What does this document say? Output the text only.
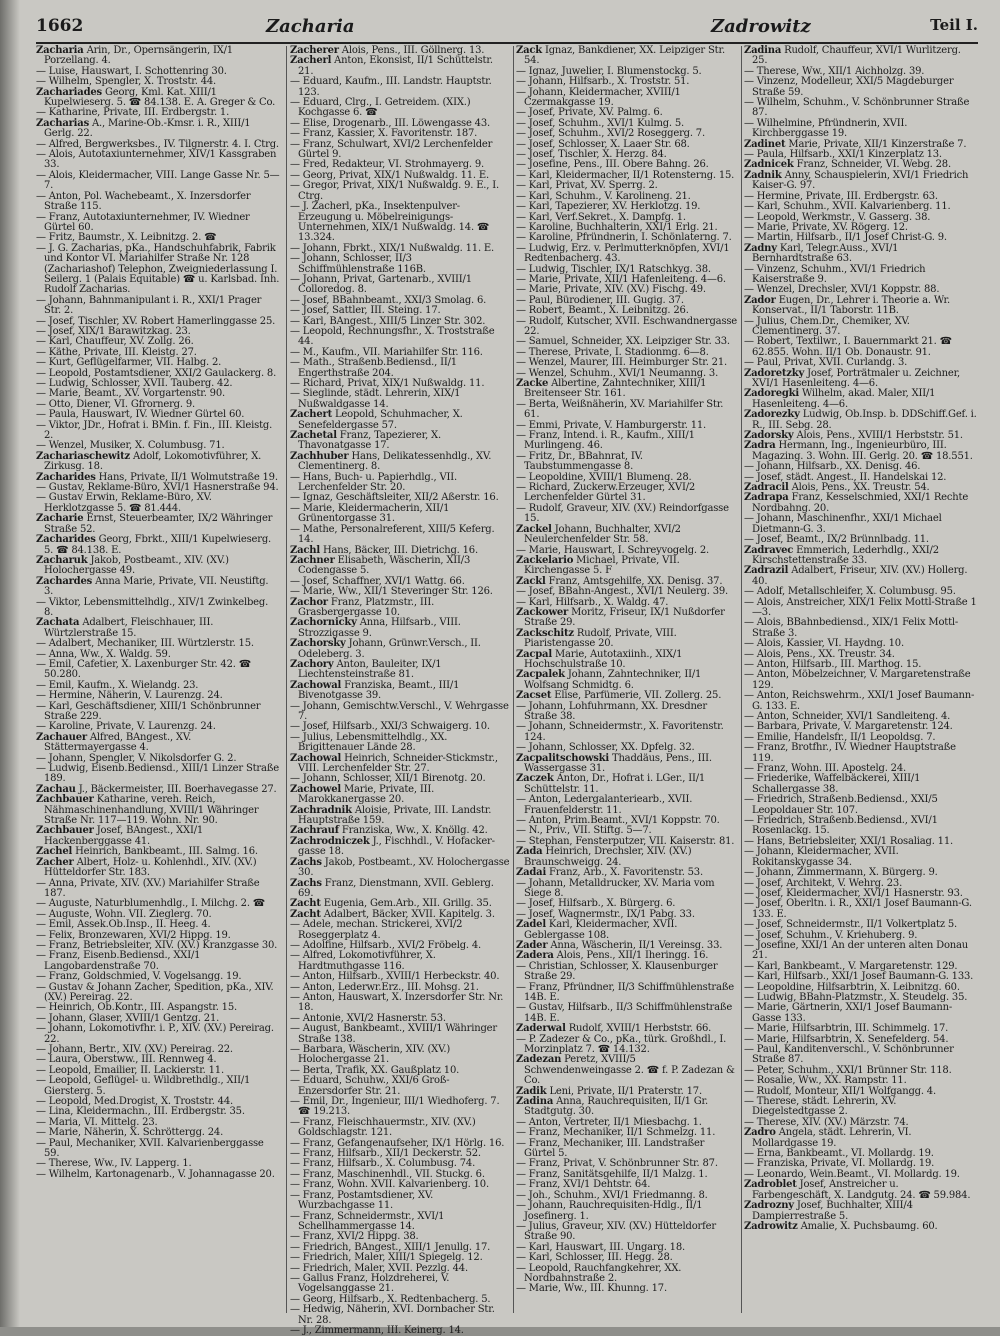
1662	Zacharia	Zadrowitz	Teil I.

Zacharia Arin, Dr., Opernsängerin, IX/1 Porzellang. 4.

— Luise, Hauswart, I. Schottenring 30.

— Wilhelm, Spengler, X. Troststr. 44.

Zachariades Georg, Kml. Kat. XIII/1 Kupelwieserg. 5. ☎ 84.138. E. A. Greger & Co.

— Katharine, Private, III. Erdbergstr. 1.

Zacharias A., Marine-Ob.-Kmsr. i. R., XIII/1 Gerlg. 22.

— Alfred, Bergwerksbes., IV. Tilgnerstr. 4. I. Ctrg.

— Alois, Autotaxiunternehmer, XIV/1 Kassgraben 33.

— Alois, Kleidermacher, VIII. Lange Gasse Nr. 5—7.

— Anton, Pol. Wachebeamt., X. Inzersdorfer Straße 115.

— Franz, Autotaxiunternehmer, IV. Wiedner Gürtel 60.

— Fritz, Baumstr., X. Leibnitzg. 2. ☎

— J. G. Zacharias, pKa., Handschuhfabrik, Fabrik und Kontor VI. Mariahilfer Straße Nr. 128 (Zachariashof) Telephon, Zweigniederlassung I. Seilerg. 1 (Palais Equitable) ☎ u. Karlsbad. Inh. Rudolf Zacharias.

— Johann, Bahnmanipulant i. R., XXI/1 Prager Str. 2.

— Josef, Tischler, XV. Robert Hamerlinggasse 25.

— Josef, XIX/1 Barawitzkag. 23.

— Karl, Chauffeur, XV. Zollg. 26.

— Käthe, Private, III. Kleistg. 27.

— Kurt, Geflügelfarmer, VII. Halbg. 2.

— Leopold, Postamtsdiener, XXI/2 Gaulackerg. 8.

— Ludwig, Schlosser, XVII. Tauberg. 42.

— Marie, Beamt., XV. Vorgartenstr. 90.

— Otto, Diener, VI. Gfrornerg. 9.

— Paula, Hauswart, IV. Wiedner Gürtel 60.

— Viktor, JDr., Hofrat i. BMin. f. Fin., III. Kleistg. 2.

— Wenzel, Musiker, X. Columbusg. 71.

Zachariaschewitz Adolf, Lokomotivführer, X. Zirkusg. 18.

Zacharides Hans, Private, II/1 Wolmutstraße 19.

— Gustav, Reklame-Büro, XVI/1 Hasnerstraße 94.

— Gustav Erwin, Reklame-Büro, XV. Herklotzgasse 5. ☎ 81.444.

Zacharie Ernst, Steuerbeamter, IX/2 Währinger Straße 52.

Zacharides Georg, Fbrkt., XIII/1 Kupelwieserg. 5. ☎ 84.138. E.

Zacharuk Jakob, Postbeamt., XIV. (XV.) Holochergasse 49.

Zachardes Anna Marie, Private, VII. Neustiftg. 3.

— Viktor, Lebensmittelhdlg., XIV/1 Zwinkelbeg. 8.

Zachata Adalbert, Fleischhauer, III. Würtzlerstraße 15.

— Adalbert, Mechaniker, III. Würtzlerstr. 15.

— Anna, Ww., X. Waldg. 59.

— Emil, Cafetier, X. Laxenburger Str. 42. ☎ 50.280.

— Emil, Kaufm., X. Wielandg. 23.

— Hermine, Näherin, V. Laurenzg. 24.

— Karl, Geschäftsdiener, XIII/1 Schönbrunner Straße 229.

— Karoline, Private, V. Laurenzg. 24.

Zachauer Alfred, BAngest., XV. Stättermayergasse 4.

— Johann, Spengler, V. Nikolsdorfer G. 2.

— Ludwig, Eisenb.Bediensd., XIII/1 Linzer Straße 189.

Zachau J., Bäckermeister, III. Boerhavegasse 27.

Zachbauer Katharine, vereh. Reich, Nähmaschinenhandlung, XVIII/1 Währinger Straße Nr. 117—119. Wohn. Nr. 90.

Zachbauer Josef, BAngest., XXI/1 Hackenberggasse 41.

Zachel Heinrich, Bankbeamt., III. Salmg. 16.

Zacher Albert, Holz- u. Kohlenhdl., XIV. (XV.) Hütteldorfer Str. 183.

— Anna, Private, XIV. (XV.) Mariahilfer Straße 187.

— Auguste, Naturblumenhdlg., I. Milchg. 2. ☎

— Auguste, Wohn. VII. Zieglerg. 70.

— Emil, Assek.Ob.Insp., II. Heeg. 4.

— Felix, Bronzewaren, XVI/2 Hippg. 19.

— Franz, Betriebsleiter, XIV. (XV.) Kranzgasse 30.

— Franz, Eisenb.Bediensd., XXI/1 Langobardenstraße 70.

— Franz, Goldschmied, V. Vogelsangg. 19.

— Gustav & Johann Zacher, Spedition, pKa., XIV. (XV.) Pereirag. 22.

— Heinrich, Ob.Kontr., III. Aspangstr. 15.

— Johann, Glaser, XVIII/1 Gentzg. 21.

— Johann, Lokomotivfhr. i. P., XIV. (XV.) Pereirag. 22.

— Johann, Bertr., XIV. (XV.) Pereirag. 22.

— Laura, Oberstww., III. Rennweg 4.

— Leopold, Emailier, II. Lackierstr. 11.

— Leopold, Geflügel- u. Wildbrethdlg., XII/1 Giersterg. 5.

— Leopold, Med.Drogist, X. Troststr. 44.

— Lina, Kleidermachn., III. Erdbergstr. 35.

— Maria, VI. Mittelg. 23.

— Marie, Näherin, X. Schröttergg. 24.

— Paul, Mechaniker, XVII. Kalvarienberggasse 59.

— Therese, Ww., IV. Lapperg. 1.

— Wilhelm, Kartonagenarb., V. Johannagasse 20.

Zacherer Alois, Pens., III. Göllnerg. 13.

Zacherl Anton, Ekonsist, II/1 Schüttelstr. 21.

— Eduard, Kaufm., III. Landstr. Hauptstr. 123.

— Eduard, Clrg., I. Getreidem. (XIX.) Kochgasse 6. ☎

— Elise, Drogenarb., III. Löwengasse 43.

— Franz, Kassier, X. Favoritenstr. 187.

— Franz, Schulwart, XVI/2 Lerchenfelder Gürtel 9.

— Fred, Redakteur, VI. Strohmayerg. 9.

— Georg, Privat, XIX/1 Nußwaldg. 11. E.

— Gregor, Privat, XIX/1 Nußwaldg. 9. E., I. Ctrg.

— J. Zacherl, pKa., Insektenpulver-Erzeugung u. Möbelreinigungs-Unternehmen, XIX/1 Nußwaldg. 14. ☎ 13.324.

— Johann, Fbrkt., XIX/1 Nußwaldg. 11. E.

— Johann, Schlosser, II/3 Schiffmühlenstraße 116B.

— Johann, Privat, Gartenarb., XVIII/1 Colloredog. 8.

— Josef, BBahnbeamt., XXI/3 Smolag. 6.

— Josef, Sattler, III. Steing. 17.

— Karl, BAngest., XIII/5 Linzer Str. 302.

— Leopold, Rechnungsfhr., X. Troststraße 44.

— M., Kaufm., VII. Mariahilfer Str. 116.

— Math., Straßenb.Bediensd., II/1 Engerthstraße 204.

— Richard, Privat, XIX/1 Nußwaldg. 11.

— Sieglinde, städt. Lehrerin, XIX/1 Nußwaldgasse 14.

Zachert Leopold, Schuhmacher, X. Senefeldergasse 57.

Zachetal Franz, Tapezierer, X. Thavonatgasse 17.

Zachhuber Hans, Delikatessenhdlg., XV. Clementinerg. 8.

— Hans, Buch- u. Papierhdlg., VII. Lerchenfelder Str. 20.

— Ignaz, Geschäftsleiter, XII/2 Aßerstr. 16.

— Marie, Kleidermacherin, XII/1 Grünentorgasse 31.

— Mathe, Personalreferent, XIII/5 Keferg. 14.

Zachl Hans, Bäcker, III. Dietrichg. 16.

Zachner Elisabeth, Wäscherin, XII/3 Codengasse 5.

— Josef, Schaffner, XVI/1 Wattg. 66.

— Marie, Ww., XII/1 Steveringer Str. 126.

Zachor Franz, Platzmstr., III. Grasbergergasse 10.

Zachornicky Anna, Hilfsarb., VIII. Strozzigasse 9.

Zachorsky Johann, Grünwr.Versch., II. Odeleberg. 3.

Zachory Anton, Bauleiter, IX/1 Liechtensteinstraße 81.

Zachowal Franziska, Beamt., III/1 Bivenotgasse 39.

— Johann, Gemischtw.Verschl., V. Wehrgasse 7.

— Josef, Hilfsarb., XXI/3 Schwaigerg. 10.

— Julius, Lebensmittelhdlg., XX. Brigittenauer Lände 28.

Zachowal Heinrich, Schneider-Stickmstr., VIII. Lerchenfelder Str. 27.

— Johann, Schlosser, XII/1 Birenotg. 20.

Zachowel Marie, Private, III. Marokkanergasse 20.

Zachradnik Aloisie, Private, III. Landstr. Hauptstraße 159.

Zachrauf Franziska, Ww., X. Knöllg. 42.

Zachrodniczek J., Fischhdl., V. Hofacker-gasse 18.

Zachs Jakob, Postbeamt., XV. Holochergasse 30.

Zachs Franz, Dienstmann, XVII. Geblerg. 69.

Zacht Eugenia, Gem.Arb., XII. Grillg. 35.

Zacht Adalbert, Bäcker, XVII. Kapitelg. 3.

— Adele, mechan. Strickerei, XVI/2 Roseggerplatz 4.

— Adolfine, Hilfsarb., XVI/2 Fröbelg. 4.

— Alfred, Lokomotivführer, X. Hardtmuthgasse 116.

— Anton, Hilfsarb., XVIII/1 Herbeckstr. 40.

— Anton, Lederwr.Erz., III. Mohsg. 21.

— Anton, Hauswart, X. Inzersdorfer Str. Nr. 18.

— Antonie, XVI/2 Hasnerstr. 53.

— August, Bankbeamt., XVIII/1 Währinger Straße 138.

— Barbara, Wäscherin, XIV. (XV.) Holochergasse 21.

— Berta, Trafik, XX. Gaußplatz 10.

— Eduard, Schuhw., XXI/6 Groß-Enzersdorfer Str. 21.

— Emil, Dr., Ingenieur, III/1 Wiedhoferg. 7. ☎ 19.213.

— Franz, Fleischhauermstr., XIV. (XV.) Goldschlagstr. 121.

— Franz, Gefangenaufseher, IX/1 Hörlg. 16.

— Franz, Hilfsarb., XII/1 Deckerstr. 52.

— Franz, Hilfsarb., X. Columbusg. 74.

— Franz, Maschinenhdl., VII. Stuckg. 6.

— Franz, Wohn. XVII. Kalvarienberg. 10.

— Franz, Postamtsdiener, XV. Wurzbachgasse 11.

— Franz, Schneidermstr., XVI/1 Schellhammergasse 14.

— Franz, XVI/2 Hippg. 38.

— Friedrich, BAngest., XIII/1 Jenullg. 17.

— Friedrich, Maler, XIII/1 Spiegelg. 12.

— Friedrich, Maler, XVII. Pezzlg. 44.

— Gallus Franz, Holzdreherei, V. Vogelsanggasse 21.

— Georg, Hilfsarb., X. Redtenbacherg. 5.

— Hedwig, Näherin, XVI. Dornbacher Str. Nr. 28.

— J., Zimmermann, III. Keinerg. 14.

Zack Ignaz, Bankdiener, XX. Leipziger Str. 54.

— Ignaz, Juwelier, I. Blumenstockg. 5.

— Johann, Hilfsarb., X. Troststr. 51.

— Johann, Kleidermacher, XVIII/1 Czermakgasse 19.

— Josef, Private, XV. Palmg. 6.

— Josef, Schuhm., XVI/1 Kulmg. 5.

— Josef, Schuhm., XVI/2 Roseggerg. 7.

— Josef, Schlosser, X. Laaer Str. 68.

— Josef, Tischler, X. Herzg. 84.

— Josefine, Pens., III. Obere Bahng. 26.

— Karl, Kleidermacher, II/1 Rotensterng. 15.

— Karl, Privat, XV. Sperrg. 2.

— Karl, Schuhm., V. Karolineng. 21.

— Karl, Tapezierer, XV. Herklotzg. 19.

— Karl, Verf.Sekret., X. Dampfg. 1.

— Karoline, Buchhalterin, XXI/1 Erlg. 21.

— Karoline, Pfründnerin, I. Schönlaterng. 7.

— Ludwig, Erz. v. Perlmutterknöpfen, XVI/1 Redtenbacherg. 43.

— Ludwig, Tischler, IX/1 Ratschkyg. 38.

— Marie, Private, XII/1 Hafenleiteng. 4—6.

— Marie, Private, XIV. (XV.) Fischg. 49.

— Paul, Bürodiener, III. Gugig. 37.

— Robert, Beamt., X. Leibnitzg. 26.

— Rudolf, Kutscher, XVII. Eschwandnergasse 22.

— Samuel, Schneider, XX. Leipziger Str. 33.

— Therese, Private, I. Stadionmg. 6—8.

— Wenzel, Maurer, III. Heimburger Str. 21.

— Wenzel, Schuhm., XVI/1 Neumanng. 3.

Zacke Albertine, Zahntechniker, XIII/1 Breitenseer Str. 161.

— Berta, Weißnäherin, XV. Mariahilfer Str. 61.

— Emmi, Private, V. Hamburgerstr. 11.

— Franz, Intend. i. R., Kaufm., XIII/1 Murlingeng. 46.

— Fritz, Dr., BBahnrat, IV. Taubstummengasse 8.

— Leopoldine, XVIII/1 Blumeng. 28.

— Richard, Zuckerw.Erzeuger, XVI/2 Lerchenfelder Gürtel 31.

— Rudolf, Graveur, XIV. (XV.) Reindorfgasse 15.

Zackel Johann, Buchhalter, XVI/2 Neulerchenfelder Str. 58.

— Marie, Hauswart, I. Schreyvogelg. 2.

Zackelario Michael, Private, VII. Kirchengasse 5. F

Zackl Franz, Amtsgehilfe, XX. Denisg. 37.

— Josef, BBahn-Angest., XVI/1 Neulerg. 39.

— Karl, Hilfsarb., X. Waldg. 47.

Zackower Moritz, Friseur, IX/1 Nußdorfer Straße 29.

Zackschitz Rudolf, Private, VIII. Piaristengasse 20.

Zacpal Marie, Autotaxiinh., XIX/1 Hochschulstraße 10.

Zacpalek Johann, Zahntechniker, II/1 Wolfsang Schmidtg. 6.

Zacset Elise, Parfümerie, VII. Zollerg. 25.

— Johann, Lohfuhrmann, XX. Dresdner Straße 38.

— Johann, Schneidermstr., X. Favoritenstr. 124.

— Johann, Schlosser, XX. Dpfelg. 32.

Zacpalitschowski Thaddäus, Pens., III. Wassergasse 31.

Zaczek Anton, Dr., Hofrat i. LGer., II/1 Schüttelstr. 11.

— Anton, Ledergalanteriearb., XVII. Frauenfelderstr. 11.

— Anton, Prim.Beamt., XVI/1 Koppstr. 70.

— N., Priv., VII. Stiftg. 5—7.

— Stephan, Fensterputzer, VII. Kaiserstr. 81.

Zada Heinrich, Drechsler, XIV. (XV.) Braunschweigg. 24.

Zadai Franz, Arb., X. Favoritenstr. 53.

— Johann, Metalldrucker, XV. Maria vom Siege 8.

— Josef, Hilfsarb., X. Bürgerg. 6.

— Josef, Wagnermstr., IX/1 Pabg. 33.

Zadel Karl, Kleidermacher, XVII. Geblergasse 108.

Zader Anna, Wäscherin, II/1 Vereinsg. 33.

Zadera Alois, Pens., XII/1 Iheringg. 16.

— Christian, Schlosser, X. Klausenburger Straße 29.

— Franz, Pfründner, II/3 Schiffmühlenstraße 14B. E.

— Gustav, Hilfsarb., II/3 Schiffmühlenstraße 14B. E.

Zaderwal Rudolf, XVIII/1 Herbststr. 66.

— P. Zadezer & Co., pKa., türk. Großhdl., I. Morzinplatz 7. ☎ 14.132.

Zadezan Peretz, XVIII/5 Schwendenweingasse 2. ☎ f. P. Zadezan & Co.

Zadik Leni, Private, II/1 Praterstr. 17.

Zadina Anna, Rauchrequisiten, II/1 Gr. Stadtgutg. 30.

— Anton, Vertreter, II/1 Miesbachg. 1.

— Franz, Mechaniker, II/1 Schmelzg. 11.

— Franz, Mechaniker, III. Landstraßer Gürtel 5.

— Franz, Privat, V. Schönbrunner Str. 87.

— Franz, Sanitätsgehilfe, II/1 Malzg. 1.

— Franz, XVI/1 Dehtstr. 64.

— Joh., Schuhm., XVI/1 Friedmanng. 8.

— Johann, Rauchrequisiten-Hdlg., II/1 Josefinerg. 1.

— Julius, Graveur, XIV. (XV.) Hütteldorfer Straße 90.

— Karl, Hauswart, III. Ungarg. 18.

— Karl, Schlosser, III. Hegg. 28.

— Leopold, Rauchfangkehrer, XX. Nordbahnstraße 2.

— Marie, Ww., III. Khunng. 17.

Zadina Rudolf, Chauffeur, XVI/1 Wurlitzerg. 25.

— Therese, Ww., XII/1 Aichholzg. 39.

— Vinzenz, Modelleur, XXI/5 Magdeburger Straße 59.

— Wilhelm, Schuhm., V. Schönbrunner Straße 87.

— Wilhelmine, Pfründnerin, XVII. Kirchberggasse 19.

Zadinet Marie, Private, XII/1 Kinzerstraße 7.

— Paula, Hilfsarb., XXI/1 Kinzerplatz 13.

Zadnicek Franz, Schneider, VI. Webg. 28.

Zadnik Anny, Schauspielerin, XVI/1 Friedrich Kaiser-G. 97.

— Hermine, Private, III. Erdbergstr. 63.

— Karl, Schuhm., XVII. Kalvarienberg. 11.

— Leopold, Werkmstr., V. Gasserg. 38.

— Marie, Private, XV. Rögerg. 12.

— Martin, Hilfsarb., II/1 Josef Christ-G. 9.

Zadny Karl, Telegr.Auss., XVI/1 Bernhardtstraße 63.

— Vinzenz, Schuhm., XVI/1 Friedrich Kaiserstraße 9.

— Wenzel, Drechsler, XVI/1 Koppstr. 88.

Zador Eugen, Dr., Lehrer i. Theorie a. Wr. Konservat., II/1 Taborstr. 11B.

— Julius, Chem.Dr., Chemiker, XV. Clementinerg. 37.

— Robert, Textilwr., I. Bauernmarkt 21. ☎ 62.855. Wohn. II/1 Ob. Donaustr. 91.

— Paul, Privat, XVII. Curlandg. 3.

Zadoretzky Josef, Porträtmaler u. Zeichner, XVI/1 Hasenleiteng. 4—6.

Zadoregki Wilhelm, akad. Maler, XII/1 Hasenleiteng. 4—6.

Zadorezky Ludwig, Ob.Insp. b. DDSchiff.Gef. i. R., III. Sebg. 28.

Zadorsky Alois, Pens., XVIII/1 Herbststr. 51.

Zadra Hermann, Ing., Ingenieurbüro, III. Magazing. 3. Wohn. III. Gerlg. 20. ☎ 18.551.

— Johann, Hilfsarb., XX. Denisg. 46.

— Josef, städt. Angest., II. Handelskai 12.

Zadracil Alois, Pens., XX. Treustr. 54.

Zadrapa Franz, Kesselschmied, XXI/1 Rechte Nordbahng. 20.

— Johann, Maschinenfhr., XXI/1 Michael Dietmann-G. 3.

— Josef, Beamt., IX/2 Brünnlbadg. 11.

Zadravec Emmerich, Lederhdlg., XXI/2 Kirschstettenstraße 33.

Zadrazil Adalbert, Friseur, XIV. (XV.) Hollerg. 40.

— Adolf, Metallschleifer, X. Columbusg. 95.

— Alois, Anstreicher, XIX/1 Felix Mottl-Straße 1—3.

— Alois, BBahnbediensd., XIX/1 Felix Mottl-Straße 3.

— Alois, Kassier, VI. Haydng. 10.

— Alois, Pens., XX. Treustr. 34.

— Anton, Hilfsarb., III. Marthog. 15.

— Anton, Möbelzeichner, V. Margaretenstraße 129.

— Anton, Reichswehrm., XXI/1 Josef Baumann-G. 133. E.

— Anton, Schneider, XVI/1 Sandleiteng. 4.

— Barbara, Private, V. Margaretenstr. 124.

— Emilie, Handelsfr., II/1 Leopoldsg. 7.

— Franz, Brotfhr., IV. Wiedner Hauptstraße 119.

— Franz, Wohn. III. Apostelg. 24.

— Friederike, Waffelbäckerei, XIII/1 Schallergasse 38.

— Friedrich, Straßenb.Bediensd., XXI/5 Leopoldauer Str. 107.

— Friedrich, Straßenb.Bediensd., XVI/1 Rosenlackg. 15.

— Hans, Betriebsleiter, XXI/1 Rosaliag. 11.

— Johann, Kleidermacher, XVII. Rokitanskygasse 34.

— Johann, Zimmermann, X. Bürgerg. 9.

— Josef, Architekt, V. Wehrg. 23.

— Josef, Kleidermacher, XVI/1 Hasnerstr. 93.

— Josef, Oberltn. i. R., XXI/1 Josef Baumann-G. 133. E.

— Josef, Schneidermstr., II/1 Volkertplatz 5.

— Josef, Schuhm., V. Kriehuberg. 9.

— Josefine, XXI/1 An der unteren alten Donau 21.

— Karl, Bankbeamt., V. Margaretenstr. 129.

— Karl, Hilfsarb., XXI/1 Josef Baumann-G. 133.

— Leopoldine, Hilfsarbtrin, X. Leibnitzg. 60.

— Ludwig, BBahn-Platzmstr., X. Steudelg. 35.

— Marie, Gärtnerin, XXI/1 Josef Baumann-Gasse 133.

— Marie, Hilfsarbtrin, III. Schimmelg. 17.

— Marie, Hilfsarbtrin, X. Senefelderg. 54.

— Paul, Kanditenverschl., V. Schönbrunner Straße 87.

— Peter, Schuhm., XXI/1 Brünner Str. 118.

— Rosalie, Ww., XX. Rampstr. 11.

— Rudolf, Monteur, XII/1 Wolfgangg. 4.

— Therese, städt. Lehrerin, XV. Diegelstedtgasse 2.

— Therese, XIV. (XV.) Märzstr. 74.

Zadro Angela, städt. Lehrerin, VI. Mollardgasse 19.

— Erna, Bankbeamt., VI. Mollardg. 19.

— Franziska, Private, VI. Mollardg. 19.

— Leonardo, Wein.Beamt., VI. Mollardg. 19.

Zadroblet Josef, Anstreicher u. Farbengeschäft, X. Landgutg. 24. ☎ 59.984.

Zadrozny Josef, Buchhalter, XIII/4 Dampierrestraße 5.

Zadrowitz Amalie, X. Puchsbaumg. 60.
